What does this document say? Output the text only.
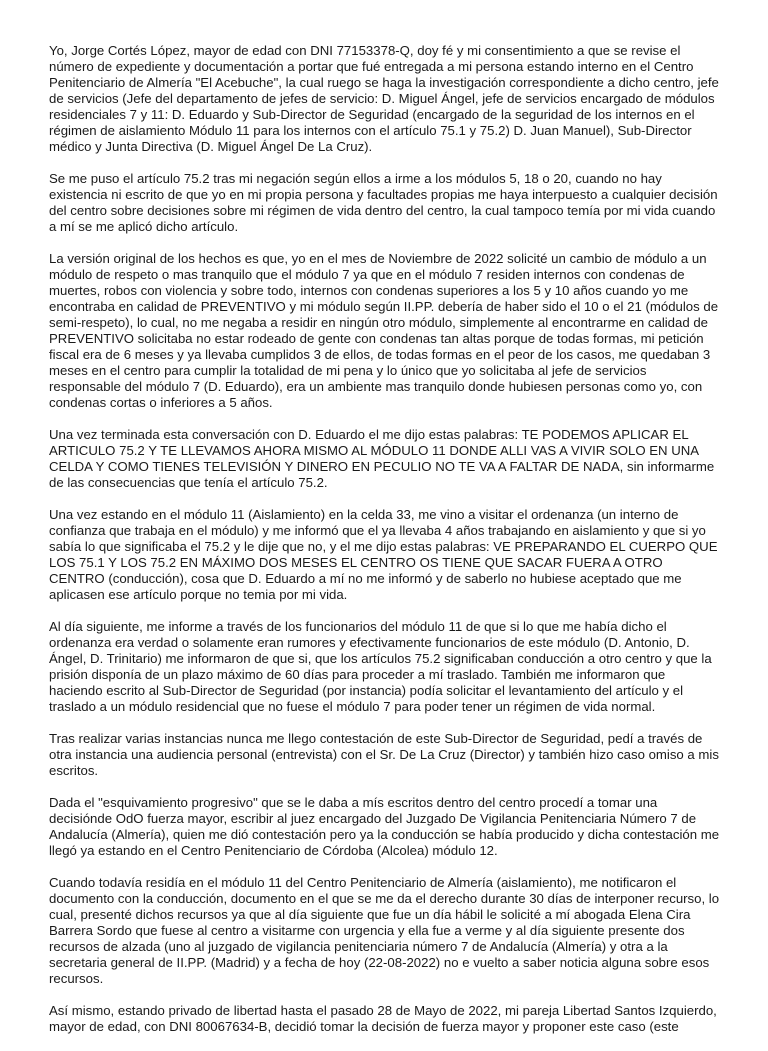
Yo, Jorge Cortés López, mayor de edad con DNI 77153378-Q, doy fé y mi consentimiento a que se revise el número de expediente y documentación a portar que fué entregada a mi persona estando interno en el Centro Penitenciario de Almería "El Acebuche", la cual ruego se haga la investigación correspondiente a dicho centro, jefe de servicios (Jefe del departamento de jefes de servicio: D. Miguel Ángel, jefe de servicios encargado de módulos residenciales 7 y 11: D. Eduardo y Sub-Director de Seguridad (encargado de la seguridad de los internos en el régimen de aislamiento Módulo 11 para los internos con el artículo 75.1 y 75.2) D. Juan Manuel), Sub-Director médico y Junta Directiva (D. Miguel Ángel De La Cruz).

Se me puso el artículo 75.2 tras mi negación según ellos a irme a los módulos 5, 18 o 20, cuando no hay existencia ni escrito de que yo en mi propia persona y facultades propias me haya interpuesto a cualquier decisión del centro sobre decisiones sobre mi régimen de vida dentro del centro, la cual tampoco temía por mi vida cuando a mí se me aplicó dicho artículo.

La versión original de los hechos es que, yo en el mes de Noviembre de 2022 solicité un cambio de módulo a un módulo de respeto o mas tranquilo que el módulo 7 ya que en el módulo 7 residen internos con condenas de muertes, robos con violencia y sobre todo, internos con condenas superiores a los 5 y 10 años cuando yo me encontraba en calidad de PREVENTIVO y mi módulo según II.PP. debería de haber sido el 10 o el 21 (módulos de semi-respeto), lo cual, no me negaba a residir en ningún otro módulo, simplemente al encontrarme en calidad de PREVENTIVO solicitaba no estar rodeado de gente con condenas tan altas porque de todas formas, mi petición fiscal era de 6 meses y ya llevaba cumplidos 3 de ellos, de todas formas en el peor de los casos, me quedaban 3 meses en el centro para cumplir la totalidad de mi pena y lo único que yo solicitaba al jefe de servicios responsable del módulo 7 (D. Eduardo), era un ambiente mas tranquilo donde hubiesen personas como yo, con condenas cortas o inferiores a 5 años.

Una vez terminada esta conversación con D. Eduardo el me dijo estas palabras: TE PODEMOS APLICAR EL ARTICULO 75.2 Y TE LLEVAMOS AHORA MISMO AL MÓDULO 11 DONDE ALLI VAS A VIVIR SOLO EN UNA CELDA Y COMO TIENES TELEVISIÓN Y DINERO EN PECULIO NO TE VA A FALTAR DE NADA, sin informarme de las consecuencias que tenía el artículo 75.2.

Una vez estando en el módulo 11 (Aislamiento) en la celda 33, me vino a visitar el ordenanza (un interno de confianza que trabaja en el módulo) y me informó que el ya llevaba 4 años trabajando en aislamiento y que si yo sabía lo que significaba el 75.2 y le dije que no, y el me dijo estas palabras: VE PREPARANDO EL CUERPO QUE LOS 75.1 Y LOS 75.2 EN MÁXIMO DOS MESES EL CENTRO OS TIENE QUE SACAR FUERA A OTRO CENTRO (conducción), cosa que D. Eduardo a mí no me informó y de saberlo no hubiese aceptado que me aplicasen ese artículo porque no temia por mi vida.

Al día siguiente, me informe a través de los funcionarios del módulo 11 de que si lo que me había dicho el ordenanza era verdad o solamente eran rumores y efectivamente funcionarios de este módulo (D. Antonio, D. Ángel, D. Trinitario) me informaron de que si, que los artículos 75.2 significaban conducción a otro centro y que la prisión disponía de un plazo máximo de 60 días para proceder a mí traslado. También me informaron que haciendo escrito al Sub-Director de Seguridad (por instancia) podía solicitar el levantamiento del artículo y el traslado a un módulo residencial que no fuese el módulo 7 para poder tener un régimen de vida normal.

Tras realizar varias instancias nunca me llego contestación de este Sub-Director de Seguridad, pedí a través de otra instancia una audiencia personal (entrevista) con el Sr. De La Cruz (Director) y también hizo caso omiso a mis escritos.

Dada el "esquivamiento progresivo" que se le daba a mís escritos dentro del centro procedí a tomar una decisiónde OdO fuerza mayor, escribir al juez encargado del Juzgado De Vigilancia Penitenciaria Número 7 de Andalucía (Almería), quien me dió contestación pero ya la conducción se había producido y dicha contestación me llegó ya estando en el Centro Penitenciario de Córdoba (Alcolea) módulo 12.

Cuando todavía residía en el módulo 11 del Centro Penitenciario de Almería (aislamiento), me notificaron el documento con la conducción, documento en el que se me da el derecho durante 30 días de interponer recurso, lo cual, presenté dichos recursos ya que al día siguiente que fue un día hábil le solicité a mí abogada Elena Cira Barrera Sordo que fuese al centro a visitarme con urgencia y ella fue a verme y al día siguiente presente dos recursos de alzada (uno al juzgado de vigilancia penitenciaria número 7 de Andalucía (Almería) y otra a la secretaria general de II.PP. (Madrid) y a fecha de hoy (22-08-2022) no e vuelto a saber noticia alguna sobre esos recursos.

Así mismo, estando privado de libertad hasta el pasado 28 de Mayo de 2022, mi pareja Libertad Santos Izquierdo, mayor de edad, con DNI 80067634-B, decidió tomar la decisión de fuerza mayor y proponer este caso (este
